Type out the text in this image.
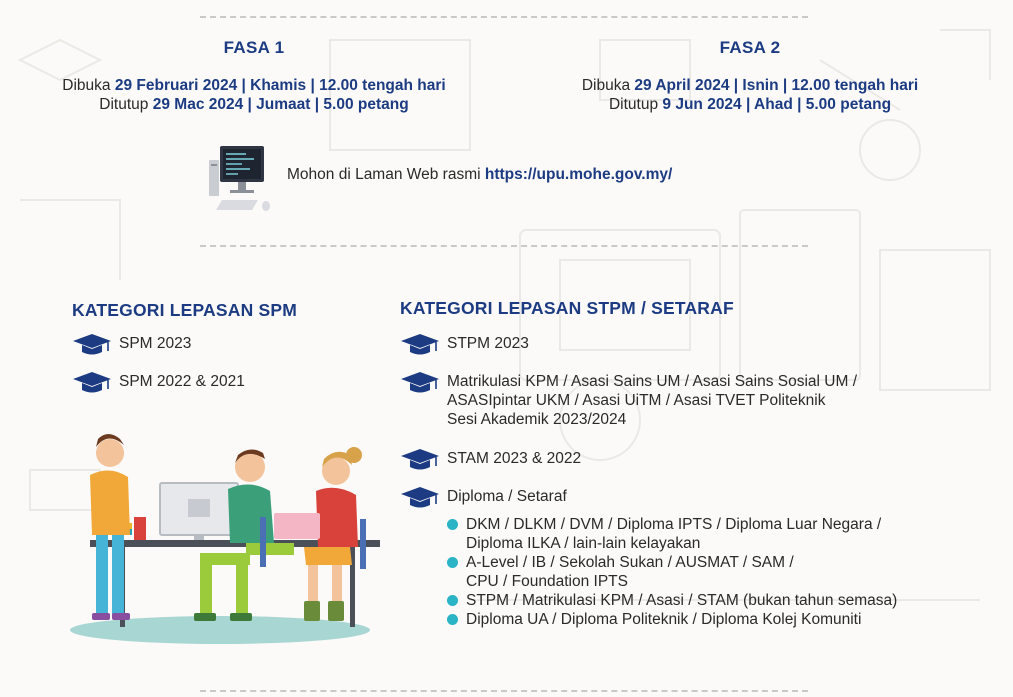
FASA 1
Dibuka 29 Februari 2024 | Khamis | 12.00 tengah hari
Ditutup 29 Mac 2024 | Jumaat | 5.00 petang
FASA 2
Dibuka 29 April 2024 | Isnin | 12.00 tengah hari
Ditutup 9 Jun 2024 | Ahad | 5.00 petang
Mohon di Laman Web rasmi https://upu.mohe.gov.my/
KATEGORI LEPASAN SPM
SPM 2023
SPM 2022 & 2021
KATEGORI LEPASAN STPM / SETARAF
STPM 2023
Matrikulasi KPM / Asasi Sains UM / Asasi Sains Sosial UM /
ASASIpintar UKM / Asasi UiTM / Asasi TVET Politeknik
Sesi Akademik 2023/2024
STAM 2023 & 2022
Diploma / Setaraf
DKM / DLKM / DVM / Diploma IPTS / Diploma Luar Negara /
Diploma ILKA / lain-lain kelayakan
A-Level / IB / Sekolah Sukan / AUSMAT / SAM /
CPU / Foundation IPTS
STPM / Matrikulasi KPM / Asasi / STAM (bukan tahun semasa)
Diploma UA / Diploma Politeknik / Diploma Kolej Komuniti
